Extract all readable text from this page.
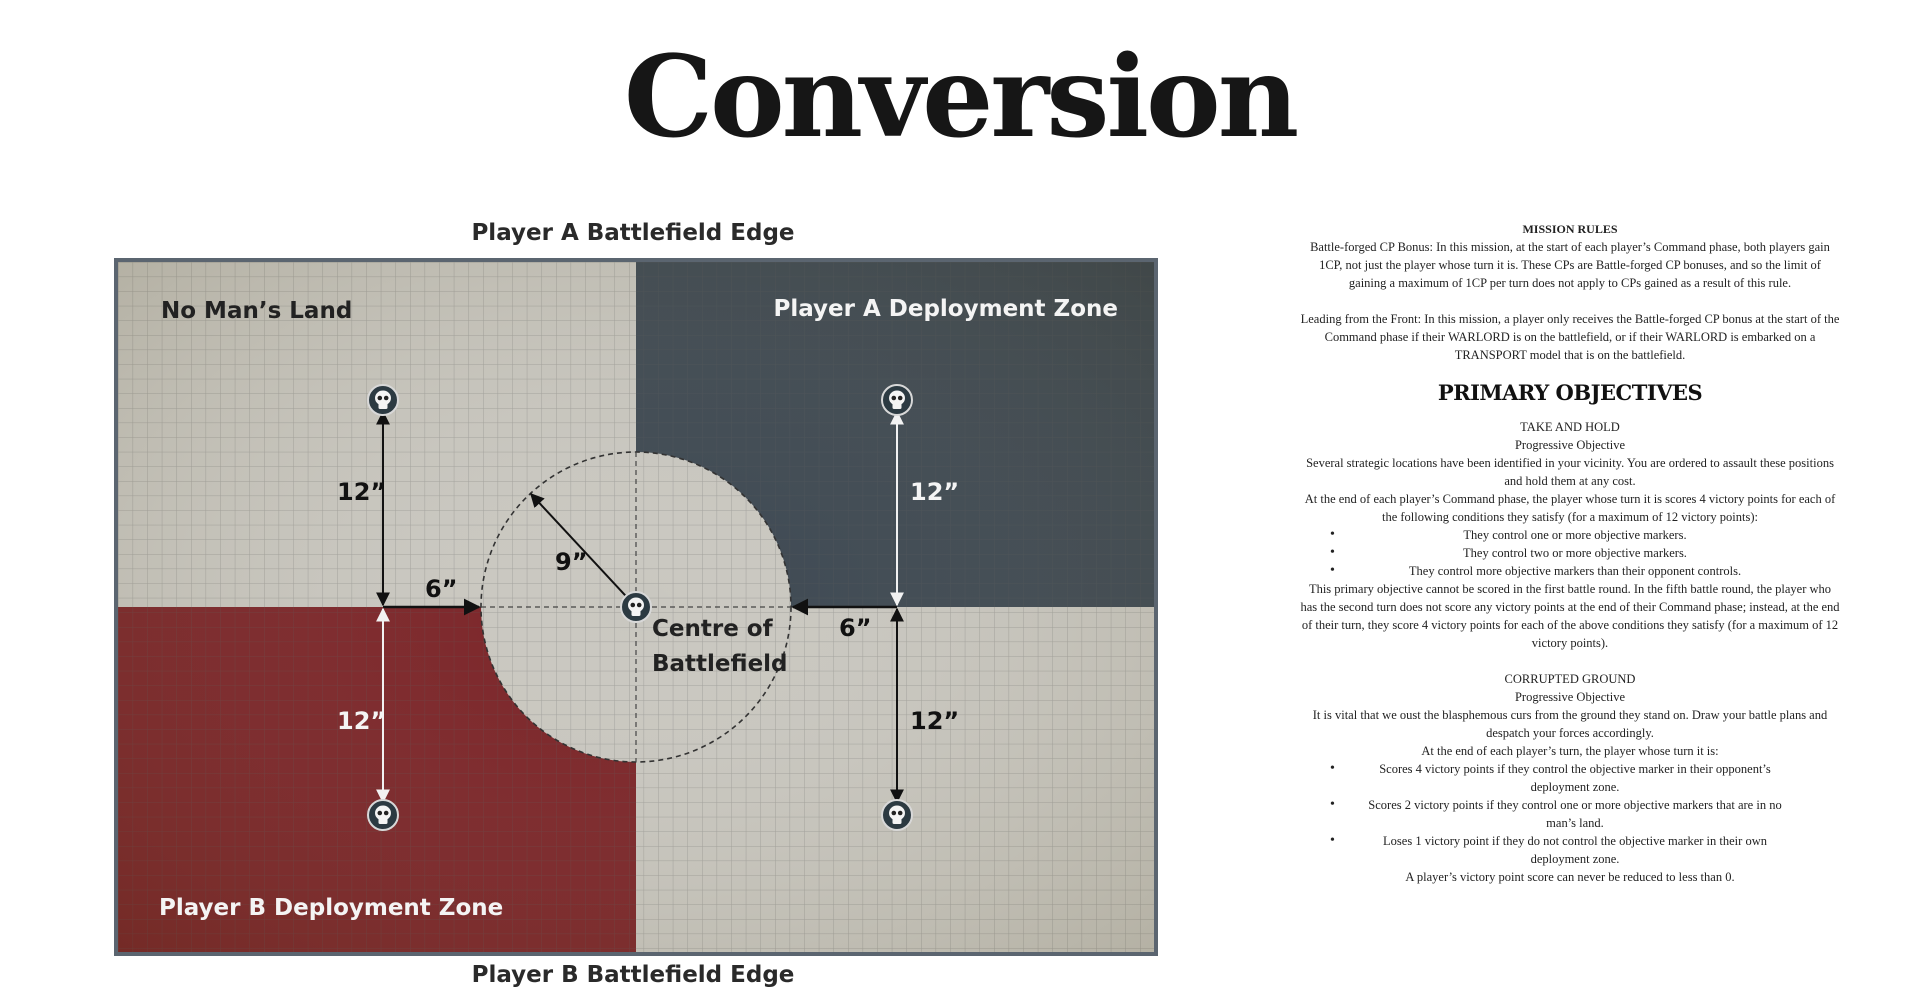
Conversion
Player A Battlefield Edge
No Man’s Land	Player A Deployment Zone
Player B Deployment Zone
Centre of
Battlefield
12”
12”
12”
12”
6”
6”
9”
Player B Battlefield Edge

MISSION RULES

Battle-forged CP Bonus: In this mission, at the start of each player’s Command phase, both players gain 1CP, not just the player whose turn it is. These CPs are Battle-forged CP bonuses, and so the limit of gaining a maximum of 1CP per turn does not apply to CPs gained as a result of this rule.

Leading from the Front: In this mission, a player only receives the Battle-forged CP bonus at the start of the Command phase if their WARLORD is on the battlefield, or if their WARLORD is embarked on a TRANSPORT model that is on the battlefield.

PRIMARY OBJECTIVES

TAKE AND HOLD

Progressive Objective

Several strategic locations have been identified in your vicinity. You are ordered to assault these positions and hold them at any cost.

At the end of each player’s Command phase, the player whose turn it is scores 4 victory points for each of the following conditions they satisfy (for a maximum of 12 victory points):

• They control one or more objective markers.

• They control two or more objective markers.

• They control more objective markers than their opponent controls.

This primary objective cannot be scored in the first battle round. In the fifth battle round, the player who has the second turn does not score any victory points at the end of their Command phase; instead, at the end of their turn, they score 4 victory points for each of the above conditions they satisfy (for a maximum of 12 victory points).

CORRUPTED GROUND

Progressive Objective

It is vital that we oust the blasphemous curs from the ground they stand on. Draw your battle plans and despatch your forces accordingly.

At the end of each player’s turn, the player whose turn it is:

• Scores 4 victory points if they control the objective marker in their opponent’s deployment zone.

• Scores 2 victory points if they control one or more objective markers that are in no man’s land.

• Loses 1 victory point if they do not control the objective marker in their own deployment zone.

A player’s victory point score can never be reduced to less than 0.
